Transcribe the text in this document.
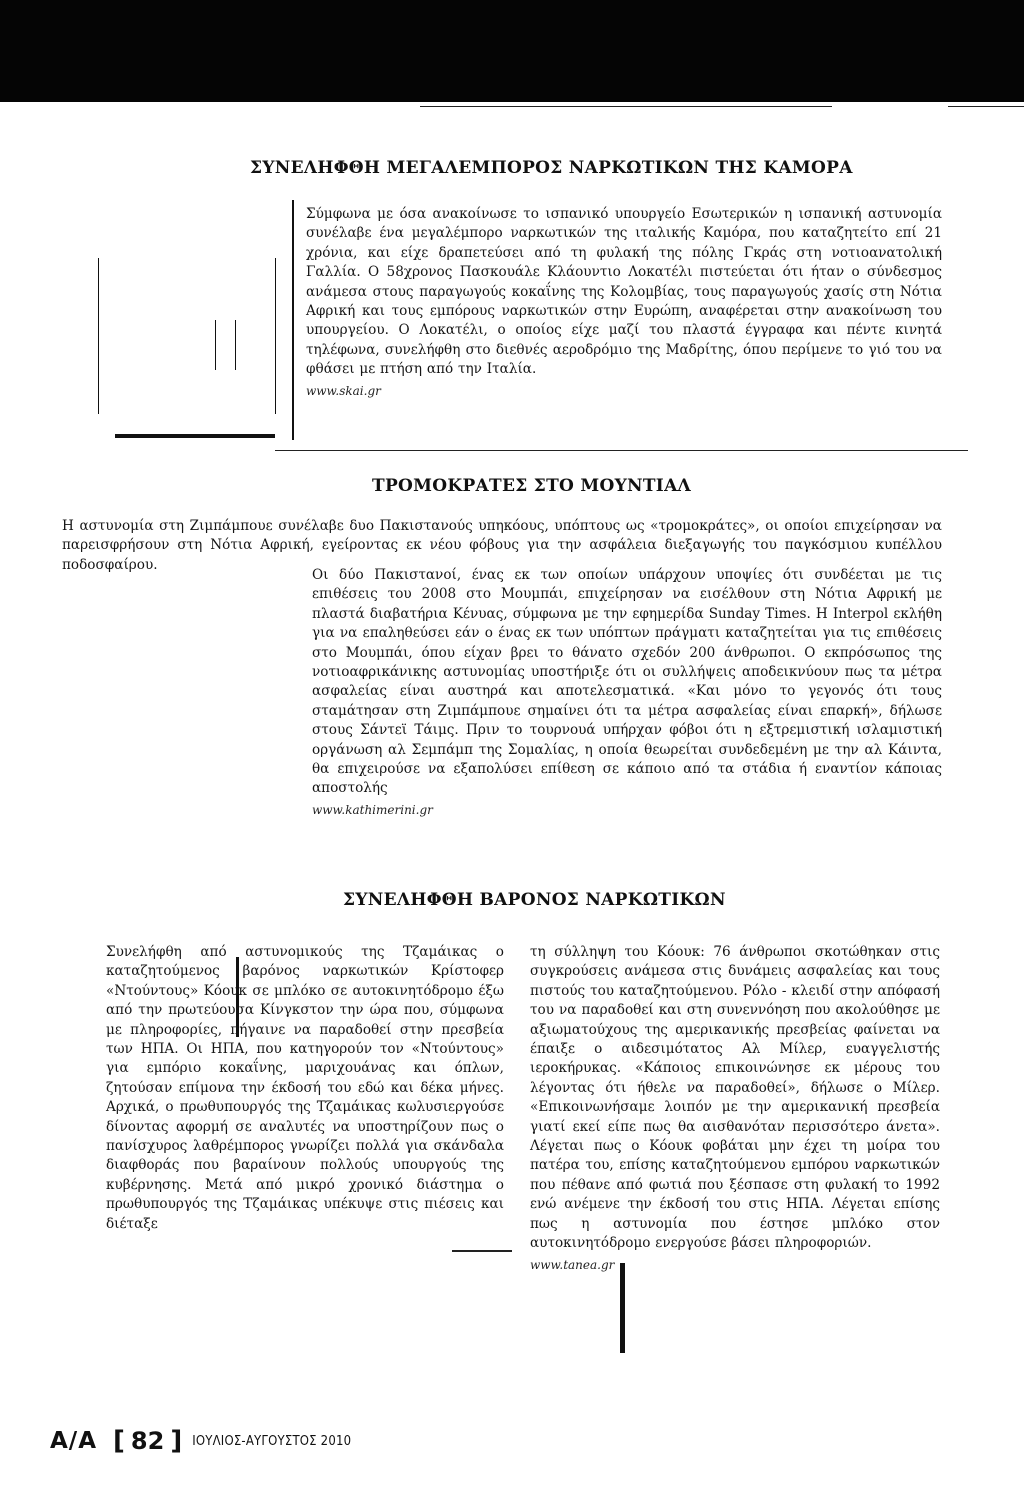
ΣΥΝΕΛΗΦΘΗ ΜΕΓΑΛΕΜΠΟΡΟΣ ΝΑΡΚΩΤΙΚΩΝ ΤΗΣ ΚΑΜΟΡΑ
Σύμφωνα με όσα ανακοίνωσε το ισπανικό υπουργείο Εσωτερικών η ισπανική αστυνομία συνέλαβε ένα μεγαλέμπορο ναρκωτικών της ιταλικής Καμόρα, που καταζητείτο επί 21 χρόνια, και είχε δραπετεύσει από τη φυλακή της πόλης Γκράς στη νοτιοανατολική Γαλλία. Ο 58χρονος Πασκουάλε Κλάουντιο Λοκατέλι πιστεύεται ότι ήταν ο σύνδεσμος ανάμεσα στους παραγωγούς κοκαΐνης της Κολομβίας, τους παραγωγούς χασίς στη Νότια Αφρική και τους εμπόρους ναρκωτικών στην Ευρώπη, αναφέρεται στην ανακοίνωση του υπουργείου. Ο Λοκατέλι, ο οποίος είχε μαζί του πλαστά έγγραφα και πέντε κινητά τηλέφωνα, συνελήφθη στο διεθνές αεροδρόμιο της Μαδρίτης, όπου περίμενε το γιό του να φθάσει με πτήση από την Ιταλία.
www.skai.gr
ΤΡΟΜΟΚΡΑΤΕΣ ΣΤΟ ΜΟΥΝΤΙΑΛ
Η αστυνομία στη Ζιμπάμπουε συνέλαβε δυο Πακιστανούς υπηκόους, υπόπτους ως «τρομοκράτες», οι οποίοι επιχείρησαν να παρεισφρήσουν στη Νότια Αφρική, εγείροντας εκ νέου φόβους για την ασφάλεια διεξαγωγής του παγκόσμιου κυπέλλου ποδοσφαίρου.
Οι δύο Πακιστανοί, ένας εκ των οποίων υπάρχουν υποψίες ότι συνδέεται με τις επιθέσεις του 2008 στο Μουμπάι, επιχείρησαν να εισέλθουν στη Νότια Αφρική με πλαστά διαβατήρια Κένυας, σύμφωνα με την εφημερίδα Sunday Times. Η Interpol εκλήθη για να επαληθεύσει εάν ο ένας εκ των υπόπτων πράγματι καταζητείται για τις επιθέσεις στο Μουμπάι, όπου είχαν βρει το θάνατο σχεδόν 200 άνθρωποι. Ο εκπρόσωπος της νοτιοαφρικάνικης αστυνομίας υποστήριξε ότι οι συλλήψεις αποδεικνύουν πως τα μέτρα ασφαλείας είναι αυστηρά και αποτελεσματικά. «Και μόνο το γεγονός ότι τους σταμάτησαν στη Ζιμπάμπουε σημαίνει ότι τα μέτρα ασφαλείας είναι επαρκή», δήλωσε στους Σάντεϊ Τάιμς. Πριν το τουρνουά υπήρχαν φόβοι ότι η εξτρεμιστική ισλαμιστική οργάνωση αλ Σεμπάμπ της Σομαλίας, η οποία θεωρείται συνδεδεμένη με την αλ Κάιντα, θα επιχειρούσε να εξαπολύσει επίθεση σε κάποιο από τα στάδια ή εναντίον κάποιας αποστολής
www.kathimerini.gr
ΣΥΝΕΛΗΦΘΗ ΒΑΡΟΝΟΣ ΝΑΡΚΩΤΙΚΩΝ
Συνελήφθη από αστυνομικούς της Τζαμάικας ο καταζητούμενος βαρόνος ναρκωτικών Κρίστοφερ «Ντούντους» Κόουκ σε μπλόκο σε αυτοκινητόδρομο έξω από την πρωτεύουσα Κίνγκστον την ώρα που, σύμφωνα με πληροφορίες, πήγαινε να παραδοθεί στην πρεσβεία των ΗΠΑ. Οι ΗΠΑ, που κατηγορούν τον «Ντούντους» για εμπόριο κοκαΐνης, μαριχουάνας και όπλων, ζητούσαν επίμονα την έκδοσή του εδώ και δέκα μήνες. Αρχικά, ο πρωθυπουργός της Τζαμάικας κωλυσιεργούσε δίνοντας αφορμή σε αναλυτές να υποστηρίζουν πως ο πανίσχυρος λαθρέμπορος γνωρίζει πολλά για σκάνδαλα διαφθοράς που βαραίνουν πολλούς υπουργούς της κυβέρνησης. Μετά από μικρό χρονικό διάστημα ο πρωθυπουργός της Τζαμάικας υπέκυψε στις πιέσεις και διέταξε
τη σύλληψη του Κόουκ: 76 άνθρωποι σκοτώθηκαν στις συγκρούσεις ανάμεσα στις δυνάμεις ασφαλείας και τους πιστούς του καταζητούμενου. Ρόλο - κλειδί στην απόφασή του να παραδοθεί και στη συνεννόηση που ακολούθησε με αξιωματούχους της αμερικανικής πρεσβείας φαίνεται να έπαιξε ο αιδεσιμότατος Αλ Μίλερ, ευαγγελιστής ιεροκήρυκας. «Κάποιος επικοινώνησε εκ μέρους του λέγοντας ότι ήθελε να παραδοθεί», δήλωσε ο Μίλερ. «Επικοινωνήσαμε λοιπόν με την αμερικανική πρεσβεία γιατί εκεί είπε πως θα αισθανόταν περισσότερο άνετα». Λέγεται πως ο Κόουκ φοβάται μην έχει τη μοίρα του πατέρα του, επίσης καταζητούμενου εμπόρου ναρκωτικών που πέθανε από φωτιά που ξέσπασε στη φυλακή το 1992 ενώ ανέμενε την έκδοσή του στις ΗΠΑ. Λέγεται επίσης πως η αστυνομία που έστησε μπλόκο στον αυτοκινητόδρομο ενεργούσε βάσει πληροφοριών.
www.tanea.gr
Α/Α [ 82 ] ΙΟΥΛΙΟΣ-ΑΥΓΟΥΣΤΟΣ 2010
